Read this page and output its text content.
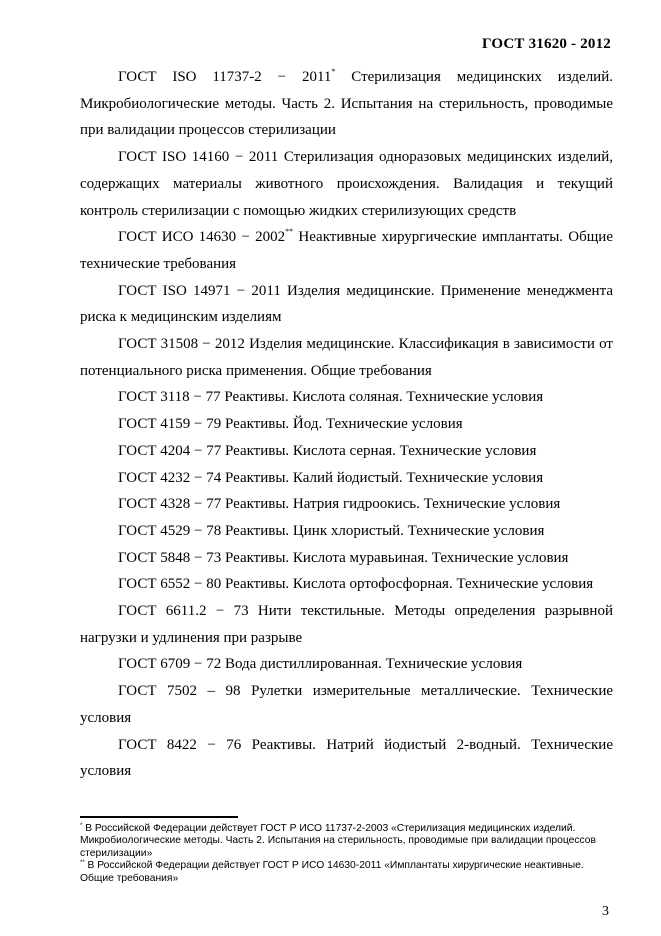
ГОСТ 31620 - 2012

ГОСТ ISO 11737-2 − 2011* Стерилизация медицинских изделий. Микробиологические методы. Часть 2. Испытания на стерильность, проводимые при валидации процессов стерилизации

ГОСТ ISO 14160 − 2011 Стерилизация одноразовых медицинских изделий, содержащих материалы животного происхождения. Валидация и текущий контроль стерилизации с помощью жидких стерилизующих средств

ГОСТ ИСО 14630 − 2002** Неактивные хирургические имплантаты. Общие технические требования

ГОСТ ISO 14971 − 2011 Изделия медицинские. Применение менеджмента риска к медицинским изделиям

ГОСТ 31508 − 2012 Изделия медицинские. Классификация в зависимости от потенциального риска применения. Общие требования

ГОСТ 3118 − 77 Реактивы. Кислота соляная. Технические условия

ГОСТ 4159 − 79 Реактивы. Йод. Технические условия

ГОСТ 4204 − 77 Реактивы. Кислота серная. Технические условия

ГОСТ 4232 − 74 Реактивы. Калий йодистый. Технические условия

ГОСТ 4328 − 77 Реактивы. Натрия гидроокись. Технические условия

ГОСТ 4529 − 78 Реактивы. Цинк хлористый. Технические условия

ГОСТ 5848 − 73 Реактивы. Кислота муравьиная. Технические условия

ГОСТ 6552 − 80 Реактивы. Кислота ортофосфорная. Технические условия

ГОСТ 6611.2 − 73 Нити текстильные. Методы определения разрывной нагрузки и удлинения при разрыве

ГОСТ 6709 − 72 Вода дистиллированная. Технические условия

ГОСТ 7502 – 98 Рулетки измерительные металлические. Технические условия

ГОСТ 8422 − 76 Реактивы. Натрий йодистый 2-водный. Технические условия

* В Российской Федерации действует ГОСТ Р ИСО 11737-2-2003 «Стерилизация медицинских изделий. Микробиологические методы. Часть 2. Испытания на стерильность, проводимые при валидации процессов стерилизации»

** В Российской Федерации действует ГОСТ Р ИСО 14630-2011 «Имплантаты хирургические неактивные. Общие требования»

3
